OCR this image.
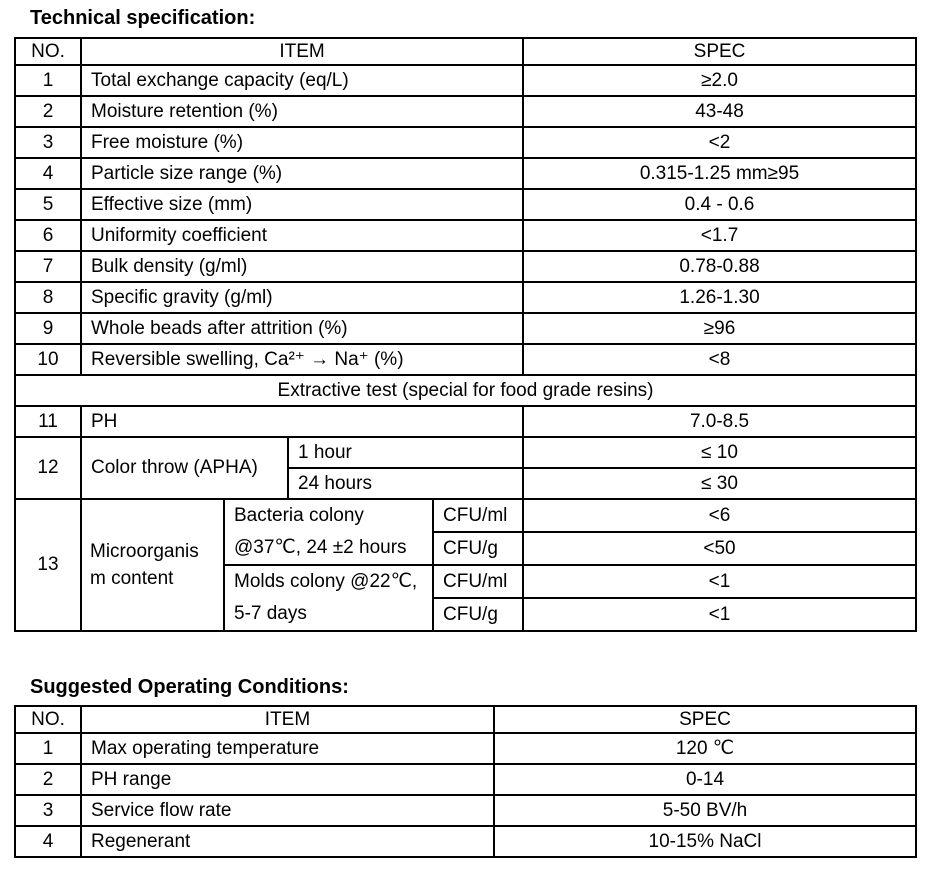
Technical specification:
NO.	ITEM				SPEC
1	Total exchange capacity (eq/L)				≥2.0
2	Moisture retention (%)				43-48
3	Free moisture (%)				<2
4	Particle size range (%)				0.315-1.25 mm≥95
5	Effective size (mm)				0.4 - 0.6
6	Uniformity coefficient				<1.7
7	Bulk density (g/ml)				0.78-0.88
8	Specific gravity (g/ml)				1.26-1.30
9	Whole beads after attrition (%)				≥96
10	Reversible swelling, Ca²⁺ → Na⁺ (%)				<8
Extractive test (special for food grade resins)					
11	PH				7.0-8.5
12	Color throw (APHA)		1 hour		≤ 10
			24 hours		≤ 30
13	Microorganism content	Bacteria colony @37℃, 24 ±2 hours		CFU/ml	<6
				CFU/g	<50
		Molds colony @22℃, 5-7 days		CFU/ml	<1
				CFU/g	<1
Suggested Operating Conditions:
NO.	ITEM	SPEC
1	Max operating temperature	120 ℃
2	PH range	0-14
3	Service flow rate	5-50 BV/h
4	Regenerant	10-15% NaCl
